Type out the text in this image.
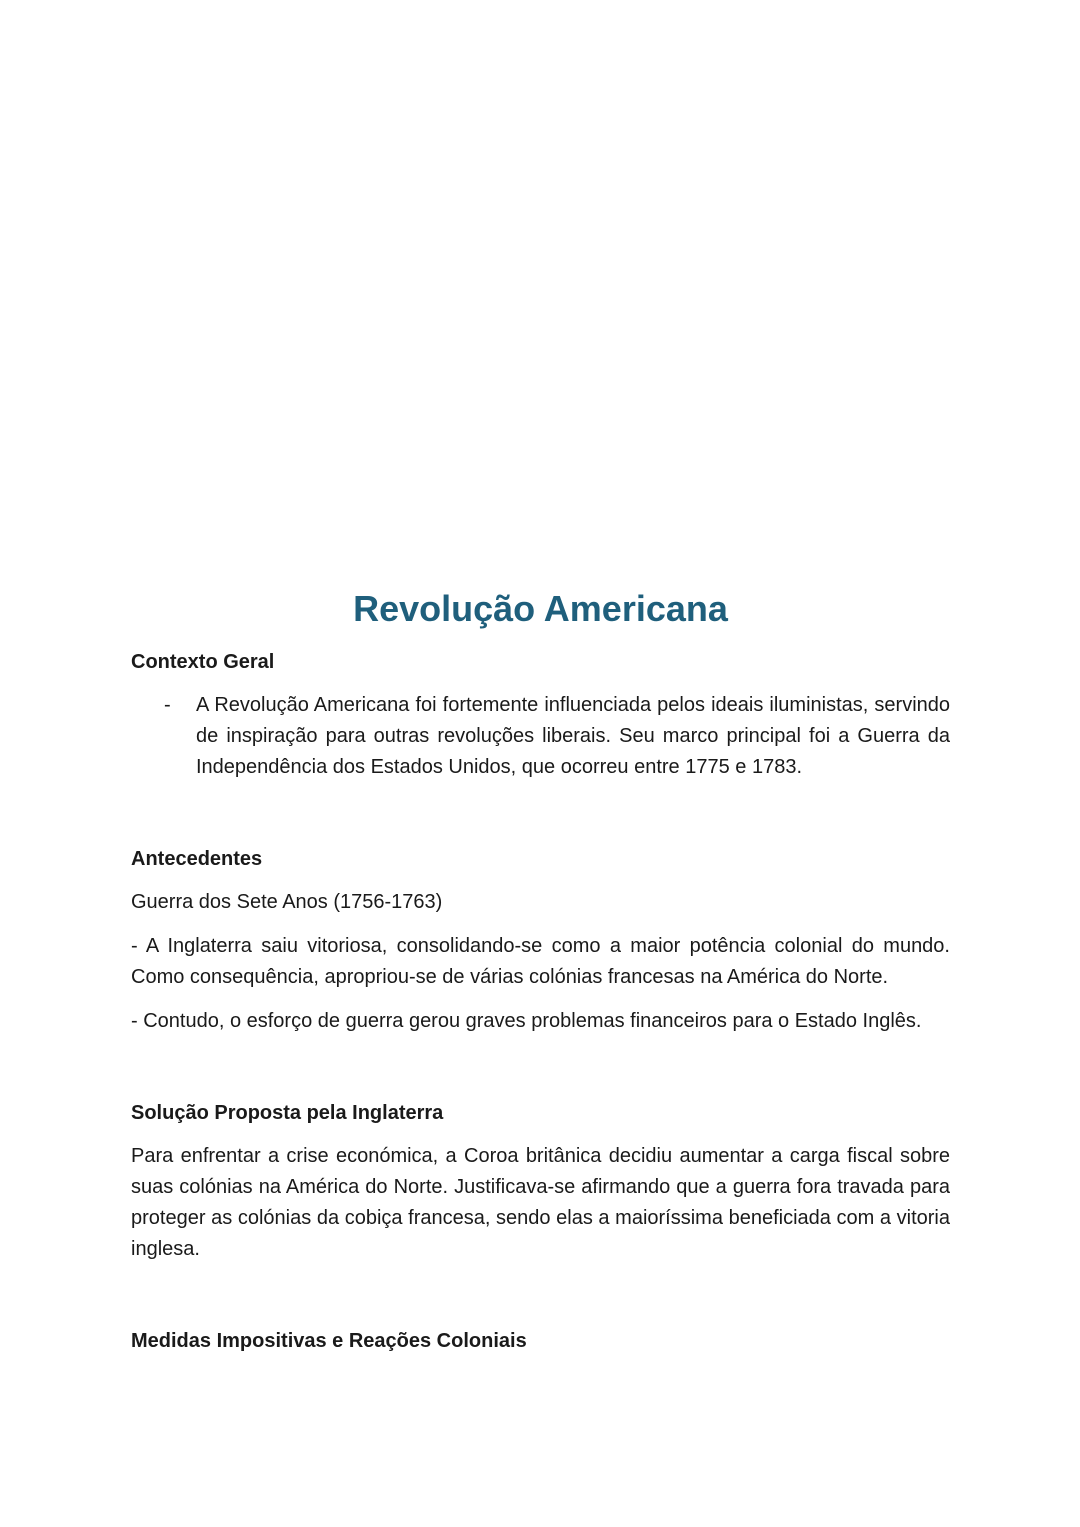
Revolução Americana
Contexto Geral
-	A Revolução Americana foi fortemente influenciada pelos ideais iluministas, servindo de inspiração para outras revoluções liberais. Seu marco principal foi a Guerra da Independência dos Estados Unidos, que ocorreu entre 1775 e 1783.

Antecedentes

Guerra dos Sete Anos (1756-1763)

- A Inglaterra saiu vitoriosa, consolidando-se como a maior potência colonial do mundo. Como consequência, apropriou-se de várias colónias francesas na América do Norte.

- Contudo, o esforço de guerra gerou graves problemas financeiros para o Estado Inglês.

Solução Proposta pela Inglaterra

Para enfrentar a crise económica, a Coroa britânica decidiu aumentar a carga fiscal sobre suas colónias na América do Norte. Justificava-se afirmando que a guerra fora travada para proteger as colónias da cobiça francesa, sendo elas a maioríssima beneficiada com a vitoria inglesa.

Medidas Impositivas e Reações Coloniais
